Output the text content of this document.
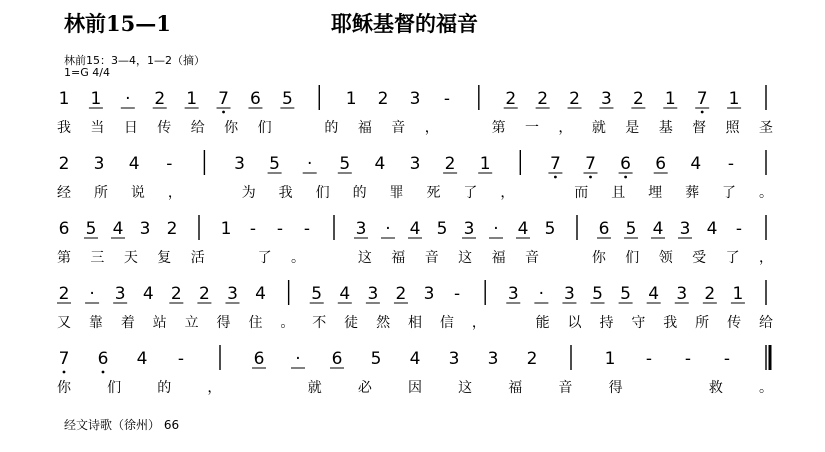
林前15—1	耶稣基督的福音
林前15：3—4，1—2（摘）
1=G 4/4
1 1 · 2 1 7 6 5	1 2 3 -	2 2 2 3 2 1 7 1
我 当 日 传 给 你 们	的 福 音 ，	第 一 ， 就 是 基 督 照 圣
2 3 4 -	3 5 · 5 4 3 2 1	7 7 6 6 4 -
经 所 说 ，	为 我 们 的 罪 死 了 ，	而 且 埋 葬 了 。
6 5 4 3 2	1 - - -	3 · 4 5 3 · 4 5	6 5 4 3 4 -
第 三 天 复 活	了 。	这 福 音 这 福 音	你 们 领 受 了 ，
2 · 3 4 2 2 3 4	5 4 3 2 3 -	3 · 3 5 5 4 3 2 1
又 靠 着 站 立 得 住 。 不 徒 然 相 信 ，	能 以 持 守 我 所 传 给
7 6 4 -	6 · 6 5 4 3 3 2	1 - - -
你	们	的	，	就	必	因	这	福	音	得	救	。
经文诗歌（徐州） 66
